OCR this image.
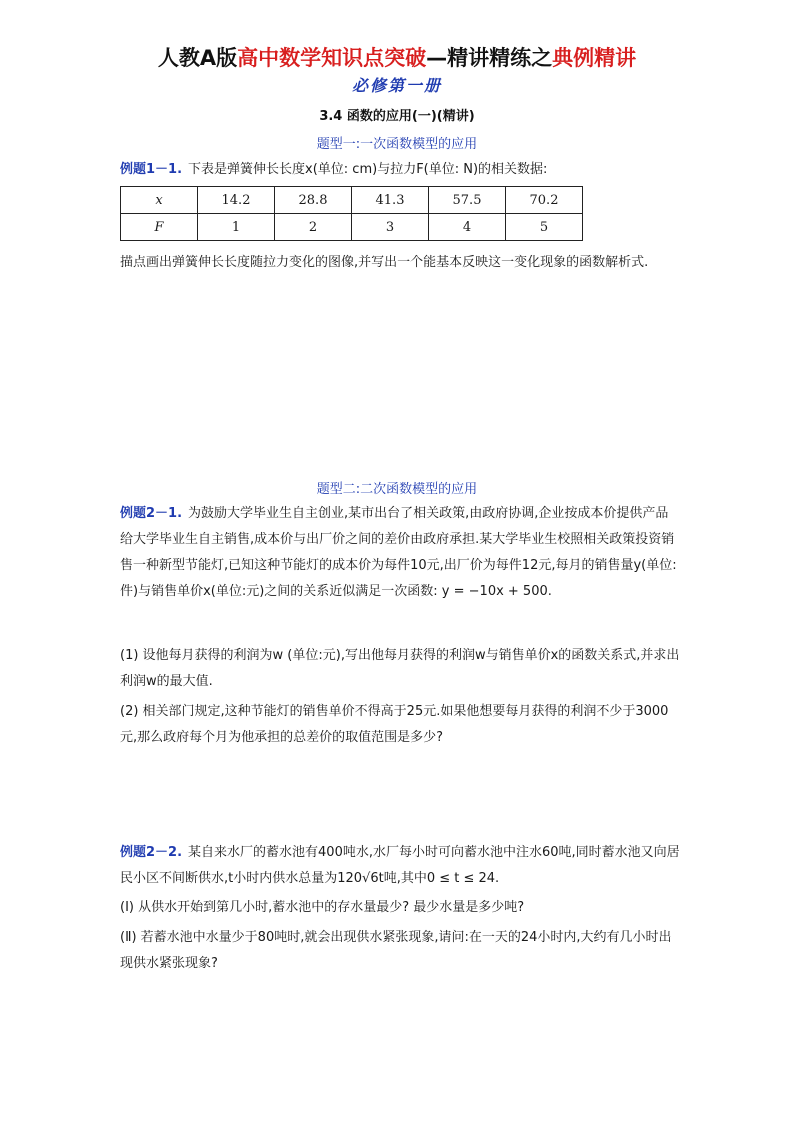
人教A版高中数学知识点突破—精讲精练之典例精讲
必修第一册
3.4 函数的应用(一)(精讲)
题型一:一次函数模型的应用

例题1－1. 下表是弹簧伸长长度x(单位: cm)与拉力F(单位: N)的相关数据:

x	14.2	28.8	41.3	57.5	70.2
F	1	2	3	4	5

描点画出弹簧伸长长度随拉力变化的图像,并写出一个能基本反映这一变化现象的函数解析式.

题型二:二次函数模型的应用

例题2－1. 为鼓励大学毕业生自主创业,某市出台了相关政策,由政府协调,企业按成本价提供产品给大学毕业生自主销售,成本价与出厂价之间的差价由政府承担.某大学毕业生校照相关政策投资销售一种新型节能灯,已知这种节能灯的成本价为每件10元,出厂价为每件12元,每月的销售量y(单位:件)与销售单价x(单位:元)之间的关系近似满足一次函数: y = −10x + 500.

(1) 设他每月获得的利润为w (单位:元),写出他每月获得的利润w与销售单价x的函数关系式,并求出利润w的最大值.

(2) 相关部门规定,这种节能灯的销售单价不得高于25元.如果他想要每月获得的利润不少于3000元,那么政府每个月为他承担的总差价的取值范围是多少?

例题2－2. 某自来水厂的蓄水池有400吨水,水厂每小时可向蓄水池中注水60吨,同时蓄水池又向居民小区不间断供水,t小时内供水总量为120√6t吨,其中0 ≤ t ≤ 24.

(Ⅰ) 从供水开始到第几小时,蓄水池中的存水量最少? 最少水量是多少吨?

(Ⅱ) 若蓄水池中水量少于80吨时,就会出现供水紧张现象,请问:在一天的24小时内,大约有几小时出现供水紧张现象?
